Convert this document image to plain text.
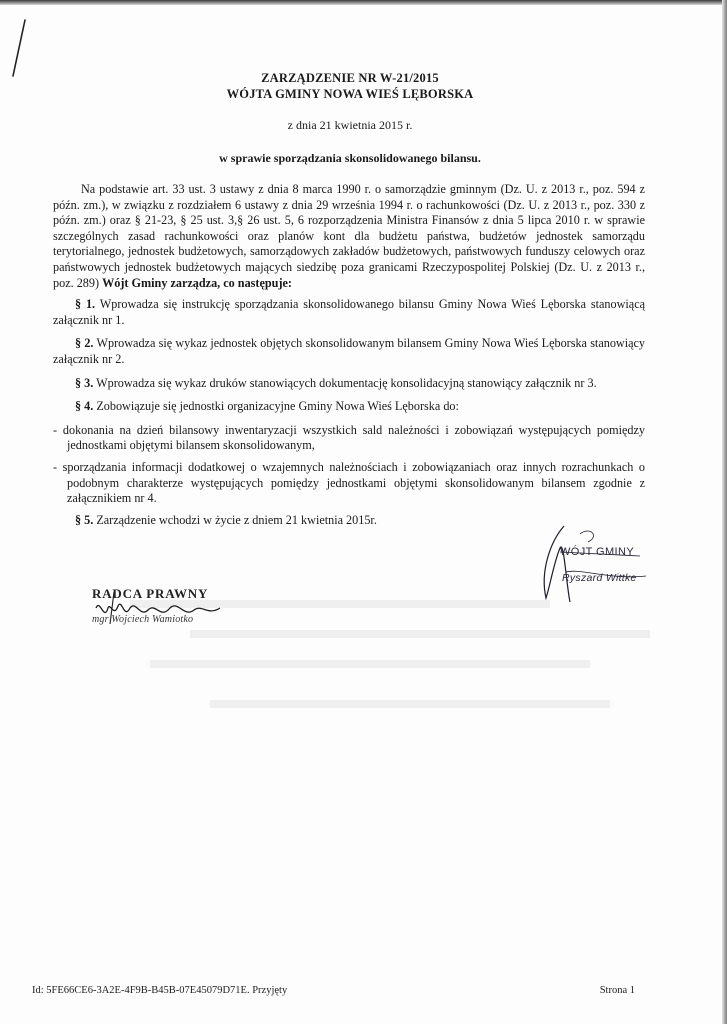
ZARZĄDZENIE NR W-21/2015
WÓJTA GMINY NOWA WIEŚ LĘBORSKA
z dnia 21 kwietnia 2015 r.
w sprawie sporządzania skonsolidowanego bilansu.

Na podstawie art. 33 ust. 3 ustawy z dnia 8 marca 1990 r. o samorządzie gminnym (Dz. U. z 2013 r., poz. 594 z późn. zm.), w związku z rozdziałem 6 ustawy z dnia 29 września 1994 r. o rachunkowości (Dz. U. z 2013 r., poz. 330 z późn. zm.) oraz § 21-23, § 25 ust. 3,§ 26 ust. 5, 6 rozporządzenia Ministra Finansów z dnia 5 lipca 2010 r. w sprawie szczególnych zasad rachunkowości oraz planów kont dla budżetu państwa, budżetów jednostek samorządu terytorialnego, jednostek budżetowych, samorządowych zakładów budżetowych, państwowych funduszy celowych oraz państwowych jednostek budżetowych mających siedzibę poza granicami Rzeczypospolitej Polskiej (Dz. U. z 2013 r., poz. 289) Wójt Gminy zarządza, co następuje:

§ 1. Wprowadza się instrukcję sporządzania skonsolidowanego bilansu Gminy Nowa Wieś Lęborska stanowiącą załącznik nr 1.

§ 2. Wprowadza się wykaz jednostek objętych skonsolidowanym bilansem Gminy Nowa Wieś Lęborska stanowiący załącznik nr 2.

§ 3. Wprowadza się wykaz druków stanowiących dokumentację konsolidacyjną stanowiący załącznik nr 3.

§ 4. Zobowiązuje się jednostki organizacyjne Gminy Nowa Wieś Lęborska do:

- dokonania na dzień bilansowy inwentaryzacji wszystkich sald należności i zobowiązań występujących pomiędzy jednostkami objętymi bilansem skonsolidowanym,

- sporządzania informacji dodatkowej o wzajemnych należnościach i zobowiązaniach oraz innych rozrachunkach o podobnym charakterze występujących pomiędzy jednostkami objętymi skonsolidowanym bilansem zgodnie z załącznikiem nr 4.

§ 5. Zarządzenie wchodzi w życie z dniem 21 kwietnia 2015r.

WÓJT GMINY
Ryszard Wittke
RADCA PRAWNY
mgr Wojciech Wamiotko
Id: 5FE66CE6-3A2E-4F9B-B45B-07E45079D71E. Przyjęty	Strona 1
